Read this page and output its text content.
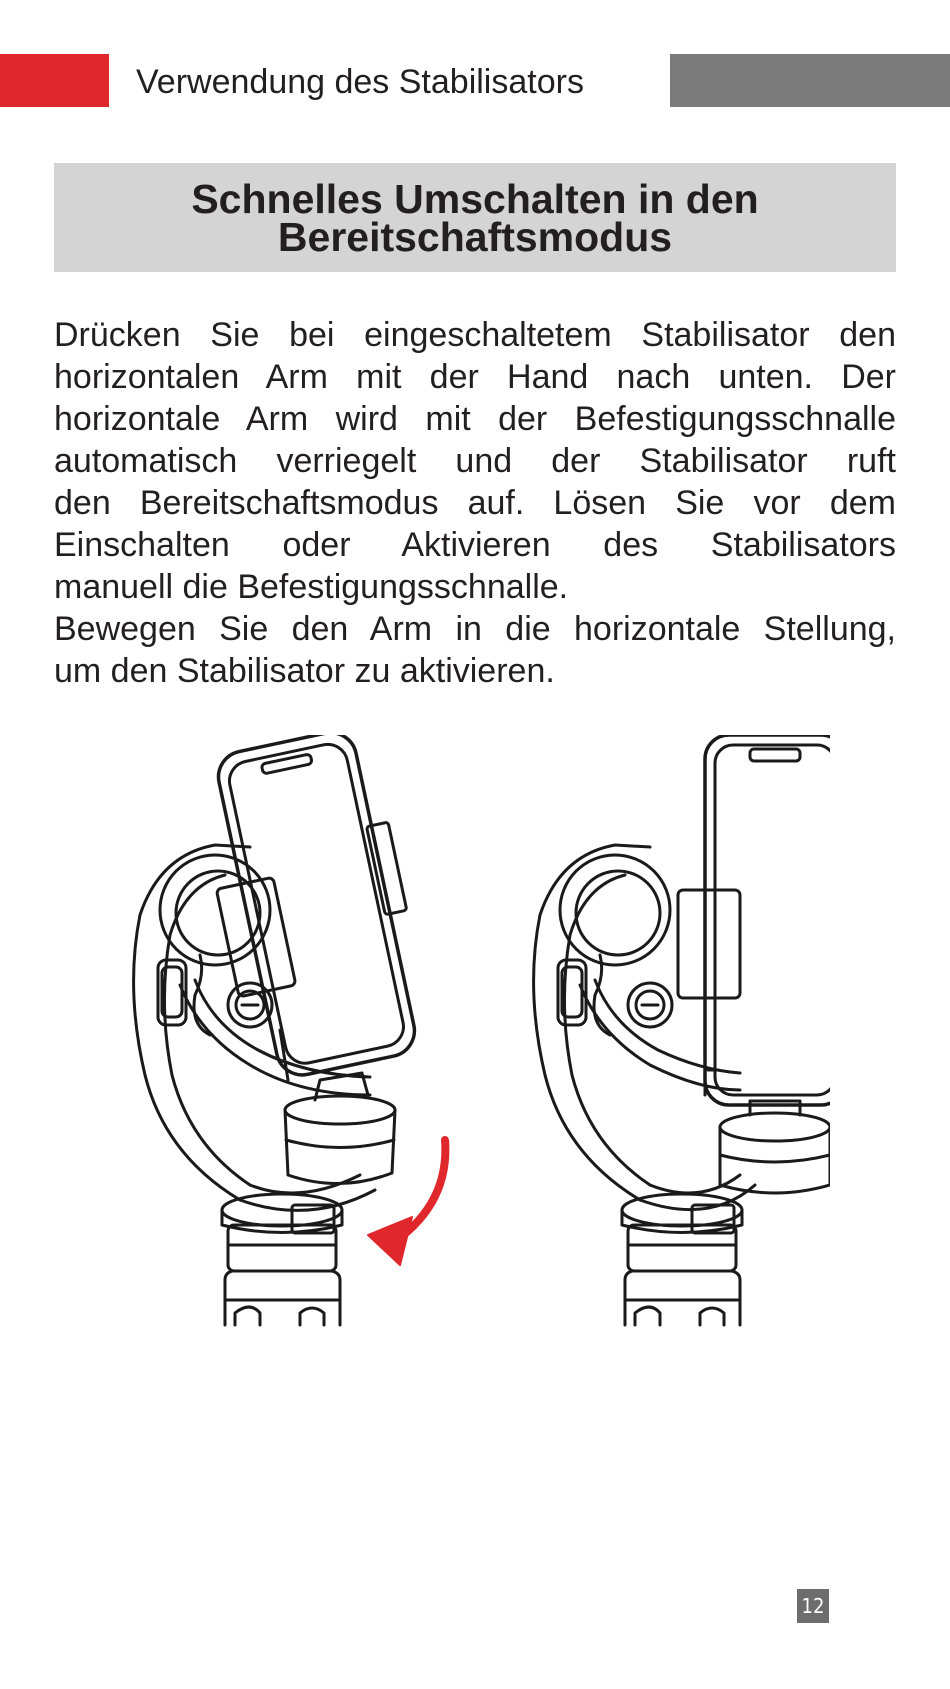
Verwendung des Stabilisators
Schnelles Umschalten in den
Bereitschaftsmodus
Drücken Sie bei eingeschaltetem Stabilisator den
horizontalen Arm mit der Hand nach unten. Der
horizontale Arm wird mit der Befestigungsschnalle
automatisch verriegelt und der Stabilisator ruft
den Bereitschaftsmodus auf. Lösen Sie vor dem
Einschalten oder Aktivieren des Stabilisators
manuell die Befestigungsschnalle.
Bewegen Sie den Arm in die horizontale Stellung,
um den Stabilisator zu aktivieren.
12
